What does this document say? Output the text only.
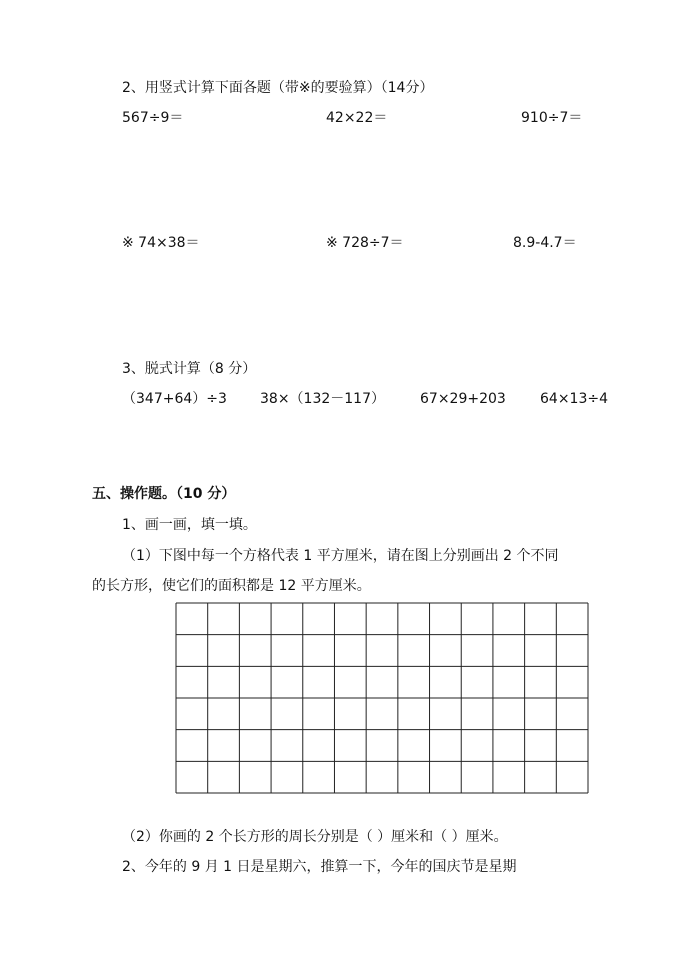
2、用竖式计算下面各题（带※的要验算）（14分）
567÷9＝	42×22＝	910÷7＝
※ 74×38＝	※ 728÷7＝	8.9-4.7＝
3、脱式计算（8 分）
（347+64）÷3 38×（132－117）	67×29+203 64×13÷4
五、操作题。（10 分）
1、画一画，填一填。
（1）下图中每一个方格代表 1 平方厘米，请在图上分别画出 2 个不同
的长方形，使它们的面积都是 12 平方厘米。
（2）你画的 2 个长方形的周长分别是（ ）厘米和（ ）厘米。
2、今年的 9 月 1 日是星期六，推算一下，今年的国庆节是星期
